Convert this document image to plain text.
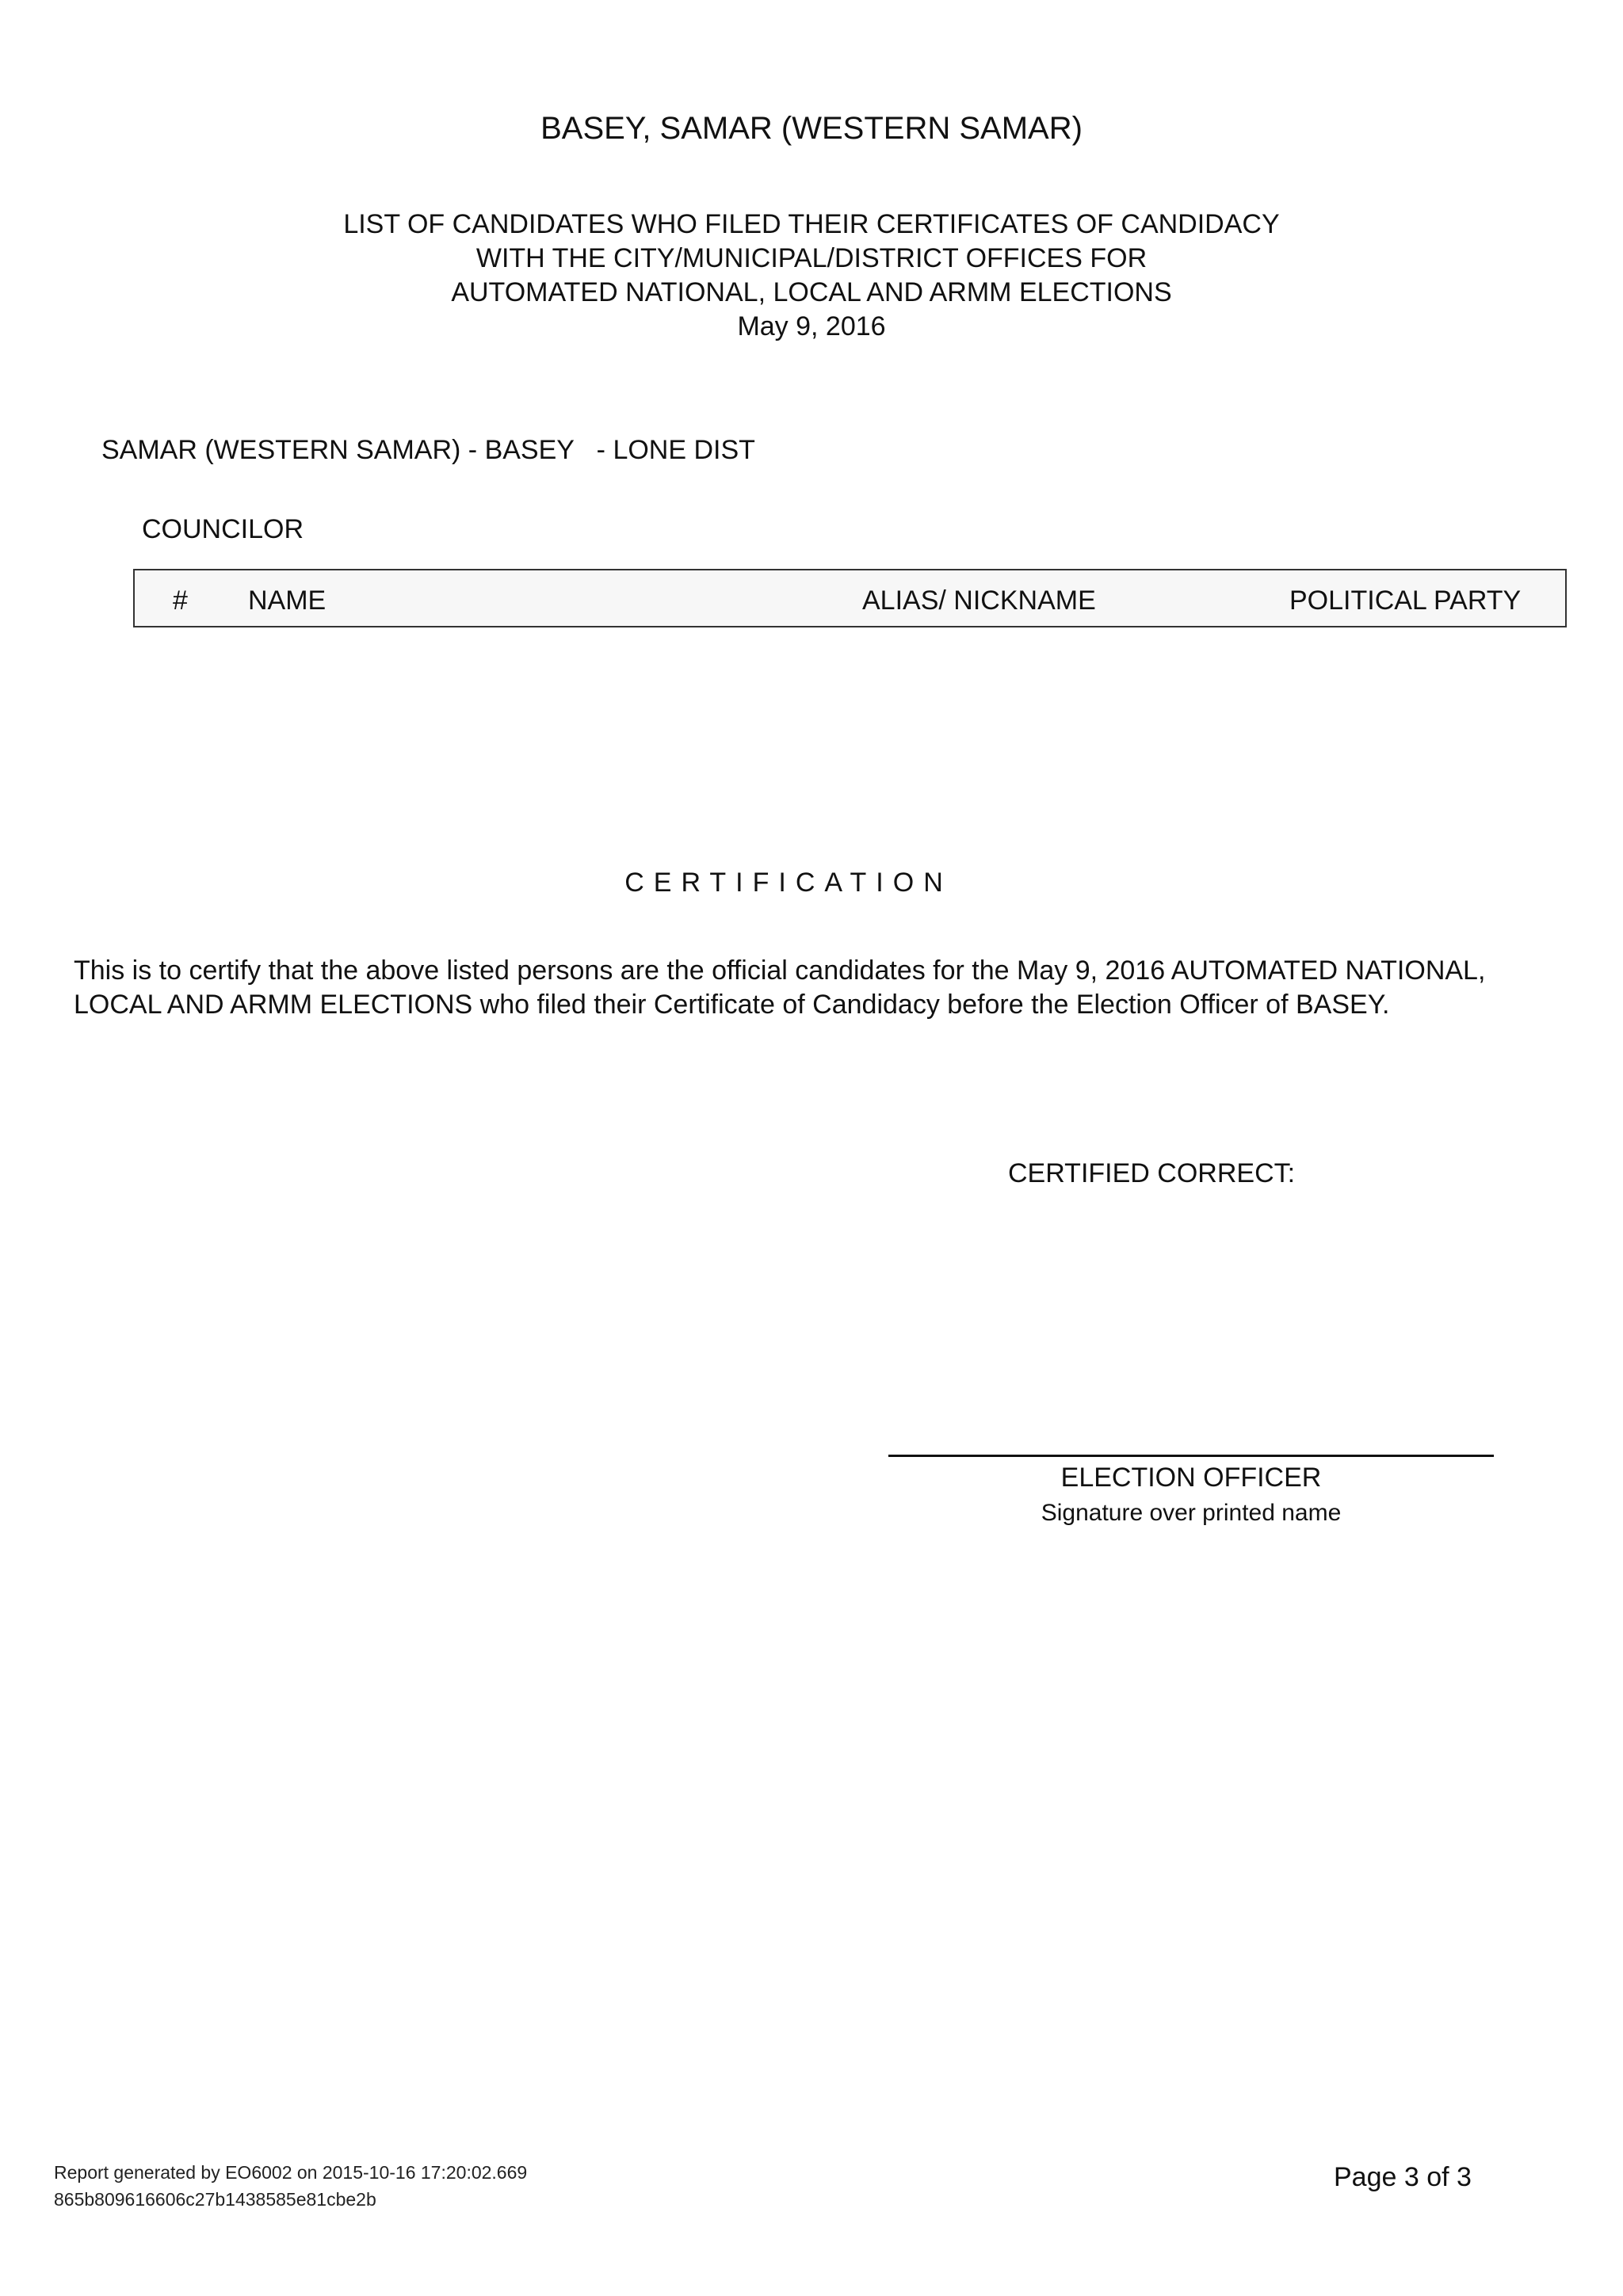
BASEY, SAMAR (WESTERN SAMAR)
LIST OF CANDIDATES WHO FILED THEIR CERTIFICATES OF CANDIDACY
WITH THE CITY/MUNICIPAL/DISTRICT OFFICES FOR
AUTOMATED NATIONAL, LOCAL AND ARMM ELECTIONS
May 9, 2016
SAMAR (WESTERN SAMAR) - BASEY   - LONE DIST
COUNCILOR
# NAME	ALIAS/ NICKNAME	POLITICAL PARTY
CERTIFICATION
This is to certify that the above listed persons are the official candidates for the May 9, 2016 AUTOMATED NATIONAL,
LOCAL AND ARMM ELECTIONS who filed their Certificate of Candidacy before the Election Officer of BASEY.
CERTIFIED CORRECT:
ELECTION OFFICER
Signature over printed name
Report generated by EO6002 on 2015-10-16 17:20:02.669
865b809616606c27b1438585e81cbe2b
Page 3 of 3
